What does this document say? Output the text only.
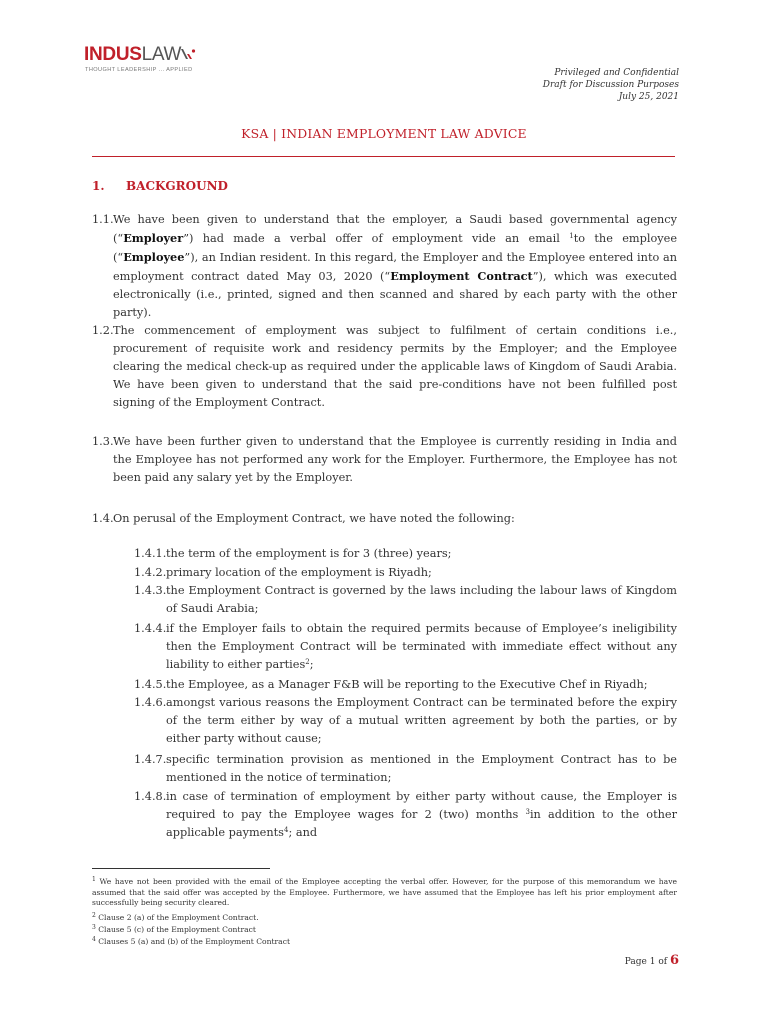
INDUSLAW
THOUGHT LEADERSHIP ... APPLIED	Privileged and Confidential
Draft for Discussion Purposes
July 25, 2021
KSA | INDIAN EMPLOYMENT LAW ADVICE
1. BACKGROUND
1.1. We have been given to understand that the employer, a Saudi based governmental agency (“Employer”) had made a verbal offer of employment vide an email $^1$to the employee (“Employee”), an Indian resident. In this regard, the Employer and the Employee entered into an employment contract dated May 03, 2020 (“Employment Contract”), which was executed electronically (i.e., printed, signed and then scanned and shared by each party with the other party).
1.2. The commencement of employment was subject to fulfilment of certain conditions i.e., procurement of requisite work and residency permits by the Employer; and the Employee clearing the medical check-up as required under the applicable laws of Kingdom of Saudi Arabia. We have been given to understand that the said pre-conditions have not been fulfilled post signing of the Employment Contract.
1.3. We have been further given to understand that the Employee is currently residing in India and the Employee has not performed any work for the Employer. Furthermore, the Employee has not been paid any salary yet by the Employer.
1.4. On perusal of the Employment Contract, we have noted the following:
1.4.1. the term of the employment is for 3 (three) years;
1.4.2. primary location of the employment is Riyadh;
1.4.3. the Employment Contract is governed by the laws including the labour laws of Kingdom of Saudi Arabia;
1.4.4. if the Employer fails to obtain the required permits because of Employee’s ineligibility then the Employment Contract will be terminated with immediate effect without any liability to either parties$^2$;
1.4.5. the Employee, as a Manager F&B will be reporting to the Executive Chef in Riyadh;
1.4.6. amongst various reasons the Employment Contract can be terminated before the expiry of the term either by way of a mutual written agreement by both the parties, or by either party without cause;
1.4.7. specific termination provision as mentioned in the Employment Contract has to be mentioned in the notice of termination;
1.4.8. in case of termination of employment by either party without cause, the Employer is required to pay the Employee wages for 2 (two) months $^3$in addition to the other applicable payments$^4$; and
$^1$ We have not been provided with the email of the Employee accepting the verbal offer. However, for the purpose of this memorandum we have assumed that the said offer was accepted by the Employee. Furthermore, we have assumed that the Employee has left his prior employment after successfully being security cleared.
$^2$ Clause 2 (a) of the Employment Contract.
$^3$ Clause 5 (c) of the Employment Contract
$^4$ Clauses 5 (a) and (b) of the Employment Contract
Page 1 of 6
